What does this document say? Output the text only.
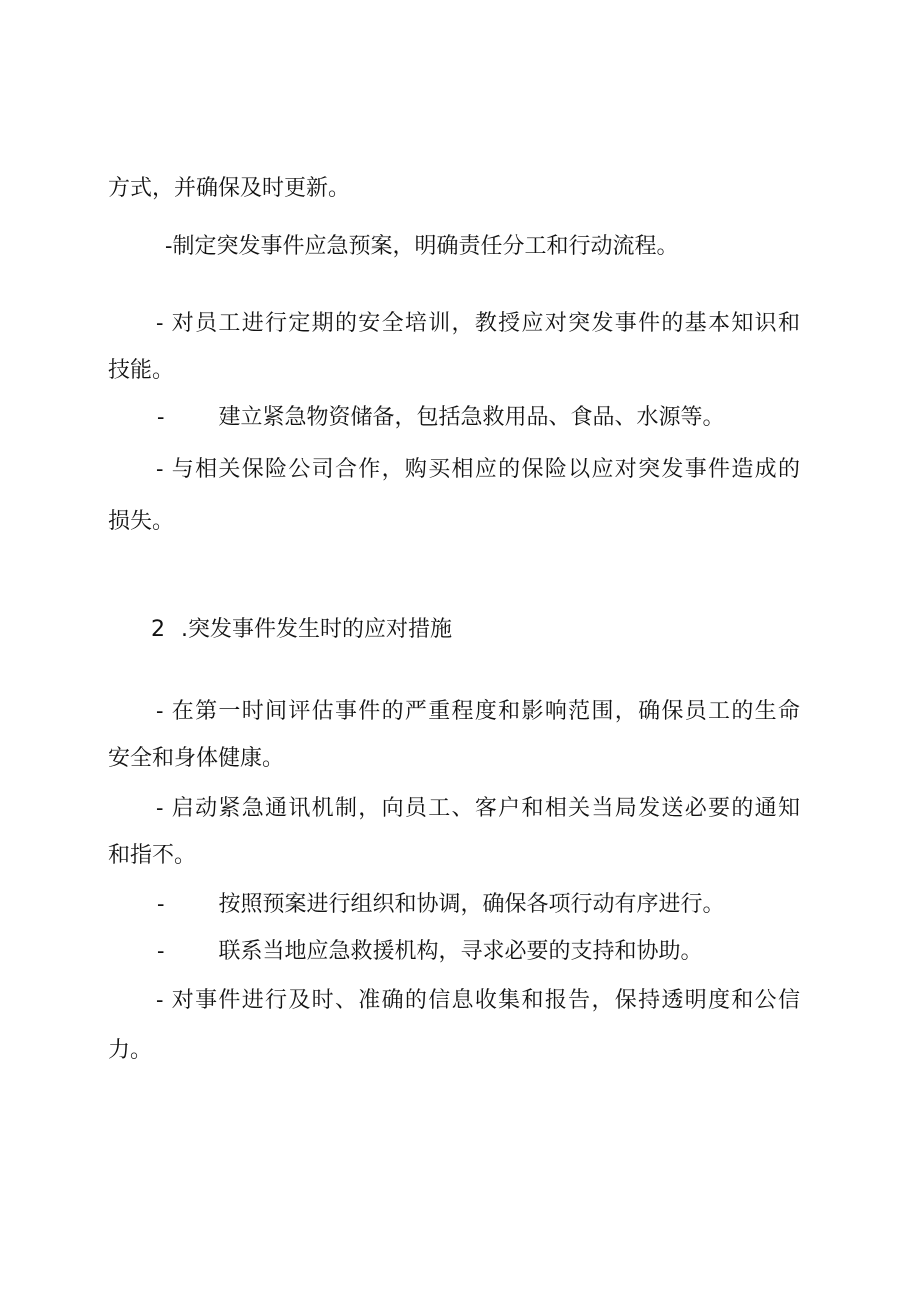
方式，并确保及时更新。

-制定突发事件应急预案，明确责任分工和行动流程。

- 对员工进行定期的安全培训，教授应对突发事件的基本知识和

技能。

- 建立紧急物资储备，包括急救用品、食品、水源等。

- 与相关保险公司合作，购买相应的保险以应对突发事件造成的

损失。

2 .突发事件发生时的应对措施

- 在第一时间评估事件的严重程度和影响范围，确保员工的生命

安全和身体健康。

- 启动紧急通讯机制，向员工、客户和相关当局发送必要的通知

和指不。

- 按照预案进行组织和协调，确保各项行动有序进行。

- 联系当地应急救援机构，寻求必要的支持和协助。

- 对事件进行及时、准确的信息收集和报告，保持透明度和公信

力。
